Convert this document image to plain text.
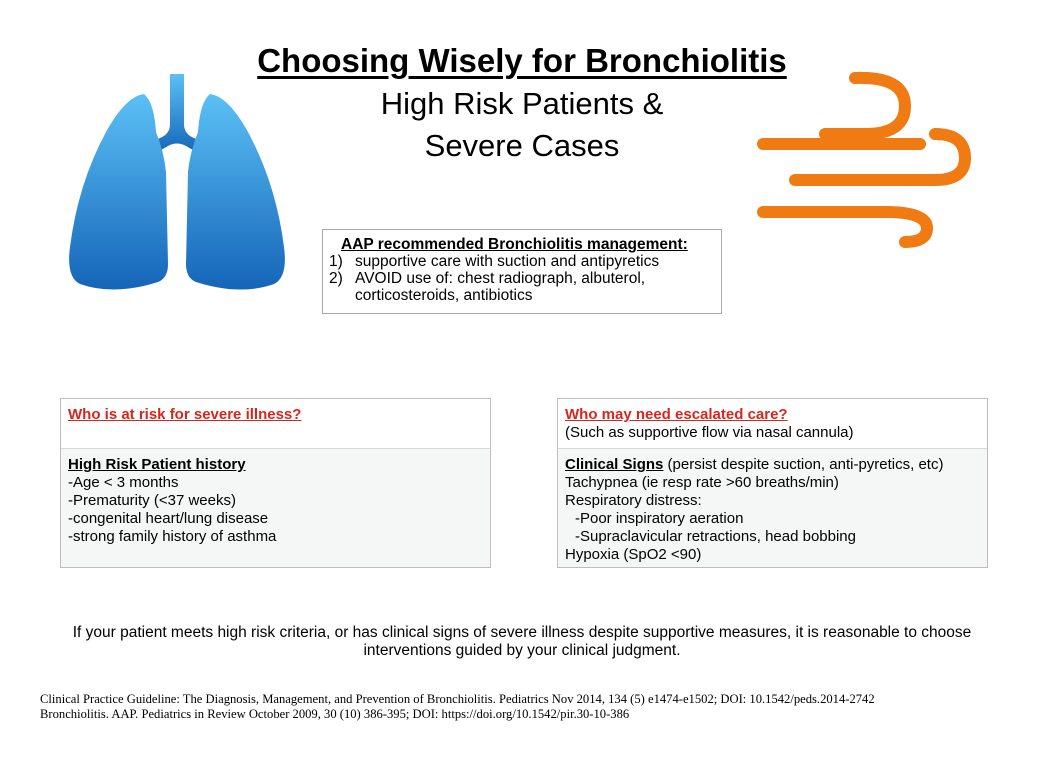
Choosing Wisely for Bronchiolitis
High Risk Patients &
Severe Cases
AAP recommended Bronchiolitis management:
1) supportive care with suction and antipyretics
2) AVOID use of: chest radiograph, albuterol, corticosteroids, antibiotics
Who is at risk for severe illness?
High Risk Patient history
-Age < 3 months
-Prematurity (<37 weeks)
-congenital heart/lung disease
-strong family history of asthma
Who may need escalated care?
(Such as supportive flow via nasal cannula)
Clinical Signs (persist despite suction, anti-pyretics, etc)
Tachypnea (ie resp rate >60 breaths/min)
Respiratory distress:
-Poor inspiratory aeration
-Supraclavicular retractions, head bobbing
Hypoxia (SpO2 <90)
If your patient meets high risk criteria, or has clinical signs of severe illness despite supportive measures, it is reasonable to choose interventions guided by your clinical judgment.
Clinical Practice Guideline: The Diagnosis, Management, and Prevention of Bronchiolitis. Pediatrics Nov 2014, 134 (5) e1474-e1502; DOI: 10.1542/peds.2014-2742
Bronchiolitis. AAP. Pediatrics in Review October 2009, 30 (10) 386-395; DOI: https://doi.org/10.1542/pir.30-10-386
